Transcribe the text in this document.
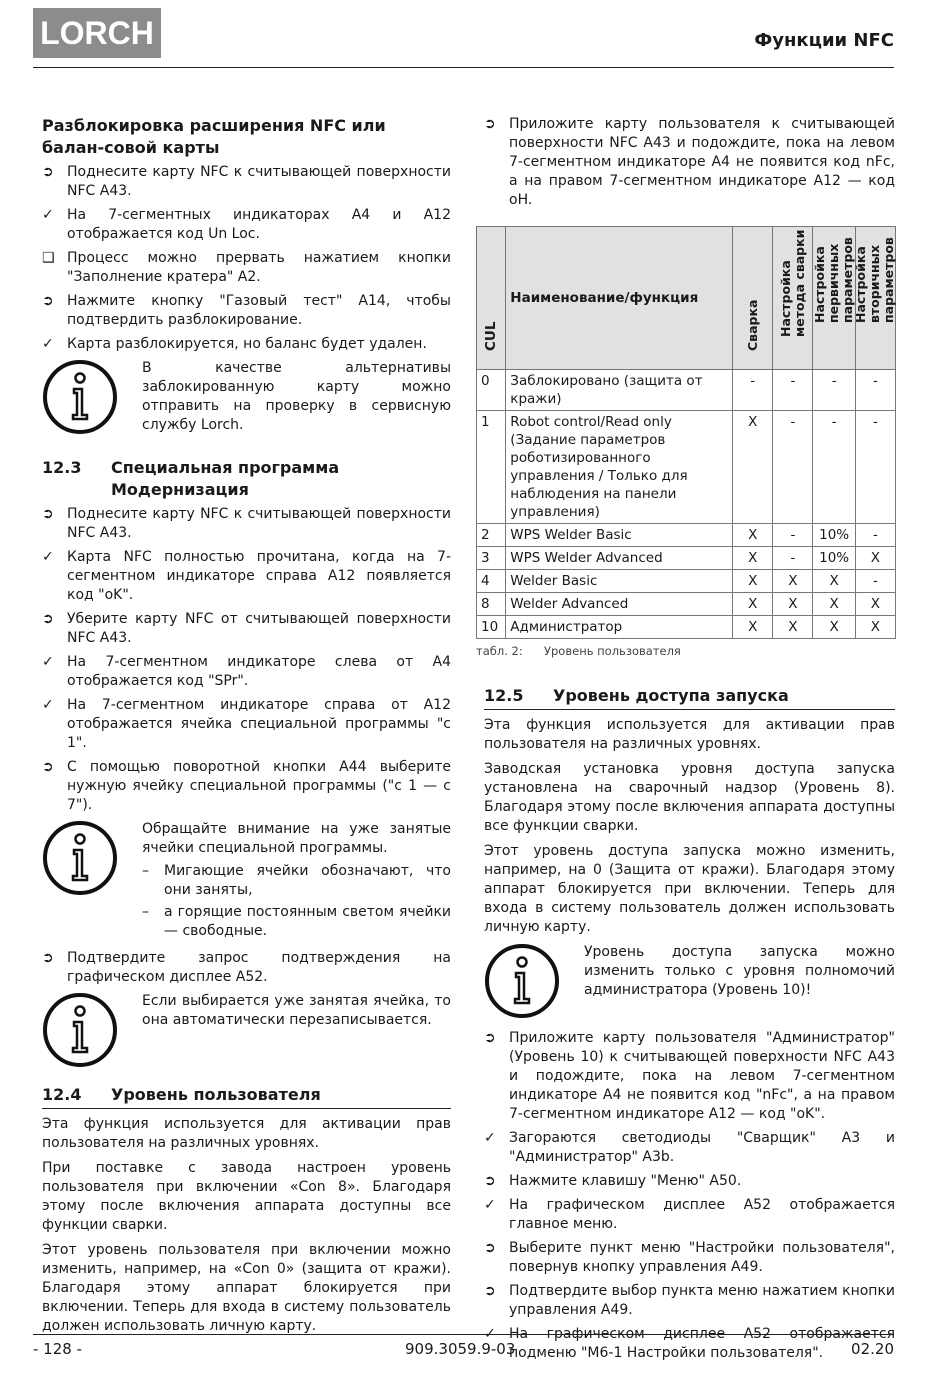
LORCH	Функции NFC
Разблокировка расширения NFC или балан-совой карты
➲ Поднесите карту NFC к считывающей поверхности NFC A43.
✓ На 7-сегментных индикаторах A4 и A12 отображается код Un Loc.
❑ Процесс можно прервать нажатием кнопки "Заполнение кратера" A2.
➲ Нажмите кнопку "Газовый тест" A14, чтобы подтвердить разблокирование.
✓ Карта разблокируется, но баланс будет удален.

В качестве альтернативы заблокированную карту можно отправить на проверку в сервисную службу Lorch.

12.3 Специальная программа Модернизация
➲ Поднесите карту NFC к считывающей поверхности NFC A43.
✓ Карта NFC полностью прочитана, когда на 7-сегментном индикаторе справа A12 появляется код "oK".
➲ Уберите карту NFC от считывающей поверхности NFC A43.
✓ На 7-сегментном индикаторе слева от A4 отображается код "SPr".
✓ На 7-сегментном индикаторе справа от A12 отображается ячейка специальной программы "с 1".
➲ С помощью поворотной кнопки A44 выберите нужную ячейку специальной программы ("с 1 — с 7").

Обращайте внимание на уже занятые ячейки специальной программы.

–	Мигающие ячейки обозначают, что они заняты,
–	а горящие постоянным светом ячейки — свободные.
➲ Подтвердите запрос подтверждения на графическом дисплее A52.

Если выбирается уже занятая ячейка, то она автоматически перезаписывается.

12.4 Уровень пользователя

Эта функция используется для активации прав пользователя на различных уровнях.

При поставке с завода настроен уровень пользователя при включении «Con 8». Благодаря этому после включения аппарата доступны все функции сварки.

Этот уровень пользователя при включении можно изменить, например, на «Con 0» (защита от кражи). Благодаря этому аппарат блокируется при включении. Теперь для входа в систему пользователь должен использовать личную карту.

➲ Приложите карту пользователя к считывающей поверхности NFC A43 и подождите, пока на левом 7-сегментном индикаторе A4 не появится код nFc, а на правом 7-сегментном индикаторе A12 — код oH.
CUL	Наименование/функция	Сварка	Настройка метода сварки	Настройка первичных параметров	Настройка вторичных параметров

0	Заблокировано (защита от кражи)	-	-	-	-
1	Robot control/Read only (Задание параметров роботизированного управления / Только для наблюдения на панели управления)	X	-	-	-
2	WPS Welder Basic	X	-	10%	-
3	WPS Welder Advanced	X	-	10%	X
4	Welder Basic	X	X	X	-
8	Welder Advanced	X	X	X	X
10	Администратор	X	X	X	X
табл. 2: Уровень пользователя
12.5 Уровень доступа запуска

Эта функция используется для активации прав пользователя на различных уровнях.

Заводская установка уровня доступа запуска установлена на сварочный надзор (Уровень 8). Благодаря этому после включения аппарата доступны все функции сварки.

Этот уровень доступа запуска можно изменить, например, на 0 (Защита от кражи). Благодаря этому аппарат блокируется при включении. Теперь для входа в систему пользователь должен использовать личную карту.

Уровень доступа запуска можно изменить только с уровня полномочий администратора (Уровень 10)!

➲ Приложите карту пользователя "Администратор" (Уровень 10) к считывающей поверхности NFC A43 и подождите, пока на левом 7-сегментном индикаторе A4 не появится код "nFc", а на правом 7-сегментном индикаторе A12 — код "oK".
✓ Загораются светодиоды "Сварщик" A3 и "Администратор" A3b.
➲ Нажмите клавишу "Меню" A50.
✓ На графическом дисплее A52 отображается главное меню.
➲ Выберите пункт меню "Настройки пользователя", повернув кнопку управления A49.
➲ Подтвердите выбор пункта меню нажатием кнопки управления A49.
✓ На графическом дисплее A52 отображается подменю "M6-1 Настройки пользователя".
- 128 -	909.3059.9-03	02.20
